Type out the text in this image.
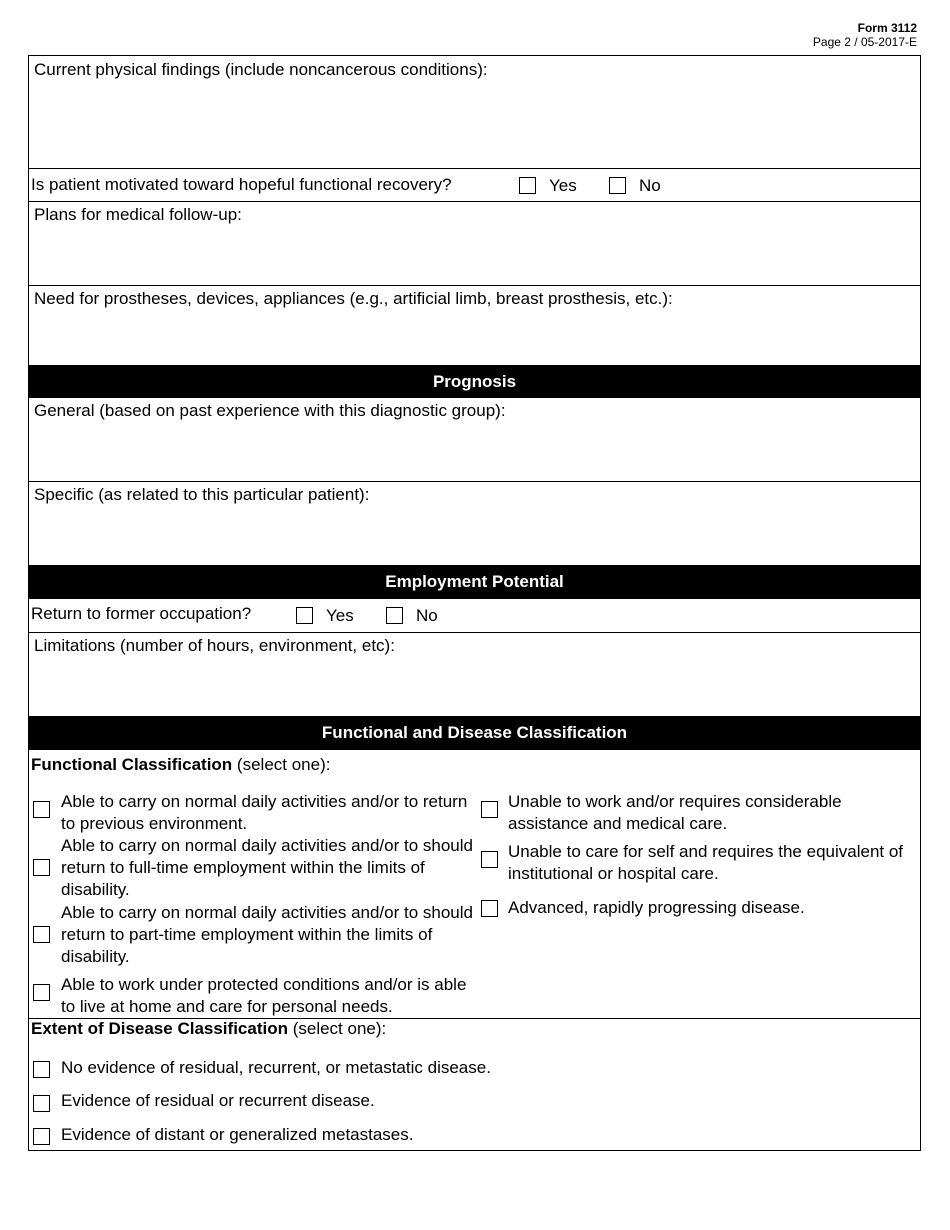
Form 3112
Page 2 / 05-2017-E
Current physical findings (include noncancerous conditions):
Is patient motivated toward hopeful functional recovery?	Yes	No
Plans for medical follow-up:
Need for prostheses, devices, appliances (e.g., artificial limb, breast prosthesis, etc.):
Prognosis
General (based on past experience with this diagnostic group):
Specific (as related to this particular patient):
Employment Potential
Return to former occupation?	Yes	No
Limitations (number of hours, environment, etc):
Functional and Disease Classification
Functional Classification (select one):
Able to carry on normal daily activities and/or to return to previous environment.
Able to carry on normal daily activities and/or to should return to full-time employment within the limits of disability.
Able to carry on normal daily activities and/or to should return to part-time employment within the limits of disability.
Able to work under protected conditions and/or is able to live at home and care for personal needs.
Unable to work and/or requires considerable assistance and medical care.
Unable to care for self and requires the equivalent of institutional or hospital care.
Advanced, rapidly progressing disease.
Extent of Disease Classification (select one):
No evidence of residual, recurrent, or metastatic disease.
Evidence of residual or recurrent disease.
Evidence of distant or generalized metastases.
